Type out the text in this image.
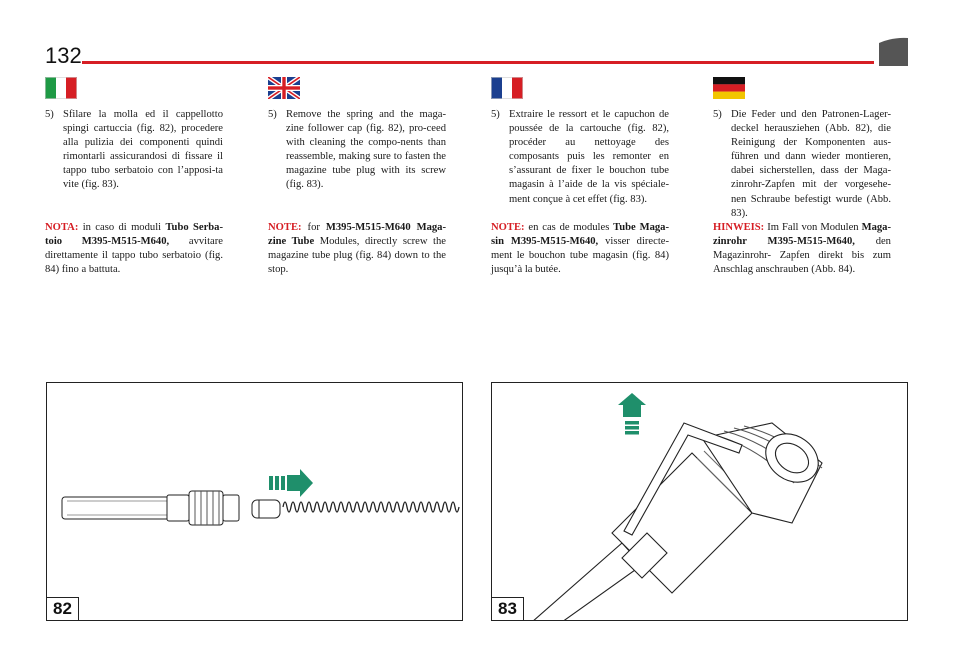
132

5) Sfilare la molla ed il cappellotto spingi cartuccia (fig. 82), procedere alla pulizia dei componenti quindi rimontarli assicurandosi di fissare il tappo tubo serbatoio con l’apposi-ta vite (fig. 83).

NOTA: in caso di moduli Tubo Serba-toio M395-M515-M640, avvitare direttamente il tappo tubo serbatoio (fig. 84) fino a battuta.

5) Remove the spring and the maga-zine follower cap (fig. 82), pro-ceed with cleaning the compo-nents than reassemble, making sure to fasten the magazine tube plug with its screw (fig. 83).

NOTE: for M395-M515-M640 Maga-zine Tube Modules, directly screw the magazine tube plug (fig. 84) down to the stop.

5) Extraire le ressort et le capuchon de poussée de la cartouche (fig. 82), procéder au nettoyage des composants puis les remonter en s’assurant de fixer le bouchon tube magasin à l’aide de la vis spéciale-ment conçue à cet effet (fig. 83).

NOTE: en cas de modules Tube Maga-sin M395-M515-M640, visser directe-ment le bouchon tube magasin (fig. 84) jusqu’à la butée.

5) Die Feder und den Patronen-Lager-deckel herausziehen (Abb. 82), die Reinigung der Komponenten aus-führen und dann wieder montieren, dabei sicherstellen, dass der Maga-zinrohr-Zapfen mit der vorgesehe-nen Schraube befestigt wurde (Abb. 83).

HINWEIS: Im Fall von Modulen Maga-zinrohr M395-M515-M640, den Magazinrohr- Zapfen direkt bis zum Anschlag anschrauben (Abb. 84).

82	83
